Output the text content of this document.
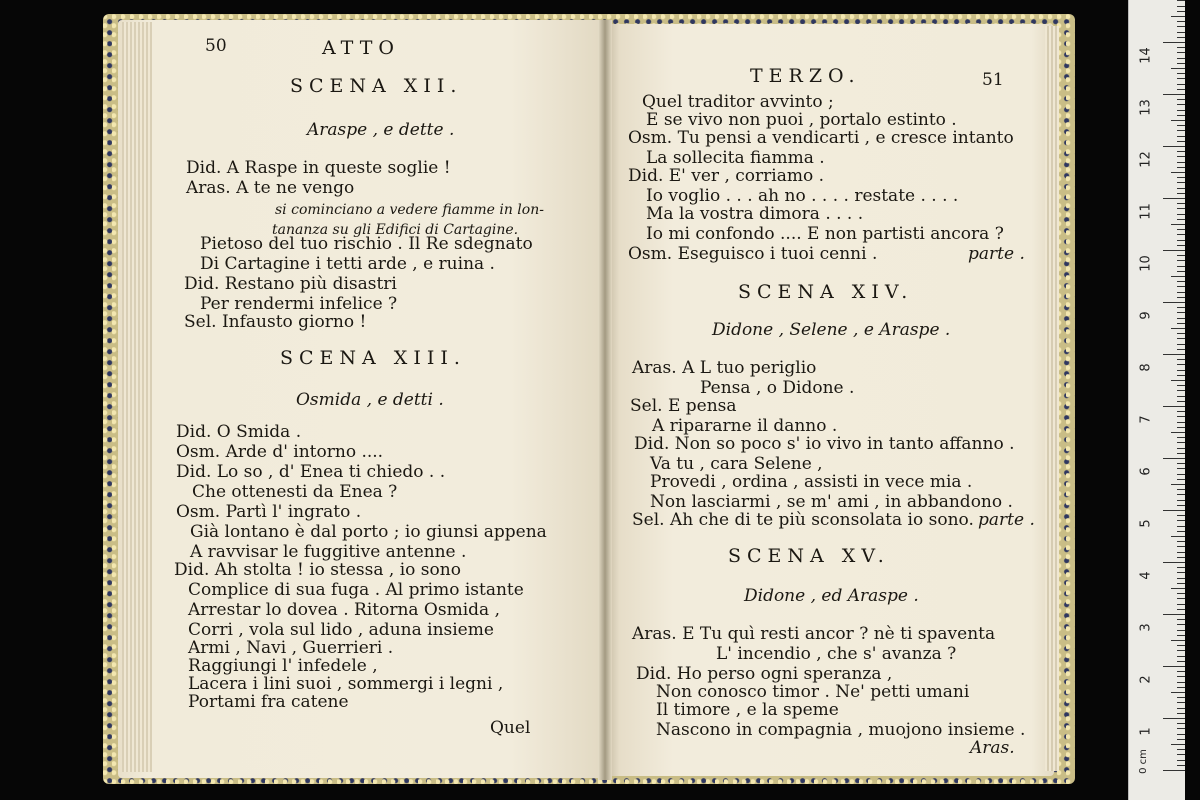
50	ATTO
SCENA XII.
Araspe , e dette .
Did. A Raspe in queste soglie !
Aras. A te ne vengo
si cominciano a vedere fiamme in lon-
tananza su gli Edifici di Cartagine.
Pietoso del tuo rischio . Il Re sdegnato
Di Cartagine i tetti arde , e ruina .
Did. Restano più disastri
Per rendermi infelice ?
Sel. Infausto giorno !
SCENA XIII.
Osmida , e detti .
Did. O Smida .
Osm. Arde d' intorno ....
Did. Lo so , d' Enea ti chiedo . .
Che ottenesti da Enea ?
Osm. Partì l' ingrato .
Già lontano è dal porto ; io giunsi appena
A ravvisar le fuggitive antenne .
Did. Ah stolta ! io stessa , io sono
Complice di sua fuga . Al primo istante
Arrestar lo dovea . Ritorna Osmida ,
Corri , vola sul lido , aduna insieme
Armi , Navi , Guerrieri .
Raggiungi l' infedele ,
Lacera i lini suoi , sommergi i legni ,
Portami fra catene
Quel
TERZO.	51
Quel traditor avvinto ;
E se vivo non puoi , portalo estinto .
Osm. Tu pensi a vendicarti , e cresce intanto
La sollecita fiamma .
Did. E' ver , corriamo .
Io voglio . . . ah no . . . . restate . . . .
Ma la vostra dimora . . . .
Io mi confondo .... E non partisti ancora ?
Osm. Eseguisco i tuoi cenni .	parte .
SCENA XIV.
Didone , Selene , e Araspe .
Aras. A L tuo periglio
Pensa , o Didone .
Sel. E pensa
A ripararne il danno .
Did. Non so poco s' io vivo in tanto affanno .
Va tu , cara Selene ,
Provedi , ordina , assisti in vece mia .
Non lasciarmi , se m' ami , in abbandono .
Sel. Ah che di te più sconsolata io sono. parte .
SCENA XV.
Didone , ed Araspe .
Aras. E Tu quì resti ancor ? nè ti spaventa
L' incendio , che s' avanza ?
Did. Ho perso ogni speranza ,
Non conosco timor . Ne' petti umani
Il timore , e la speme
Nascono in compagnia , muojono insieme .
Aras.
0 cm
1
2
3
4
5
6
7
8
9
10
11
12
13
14
